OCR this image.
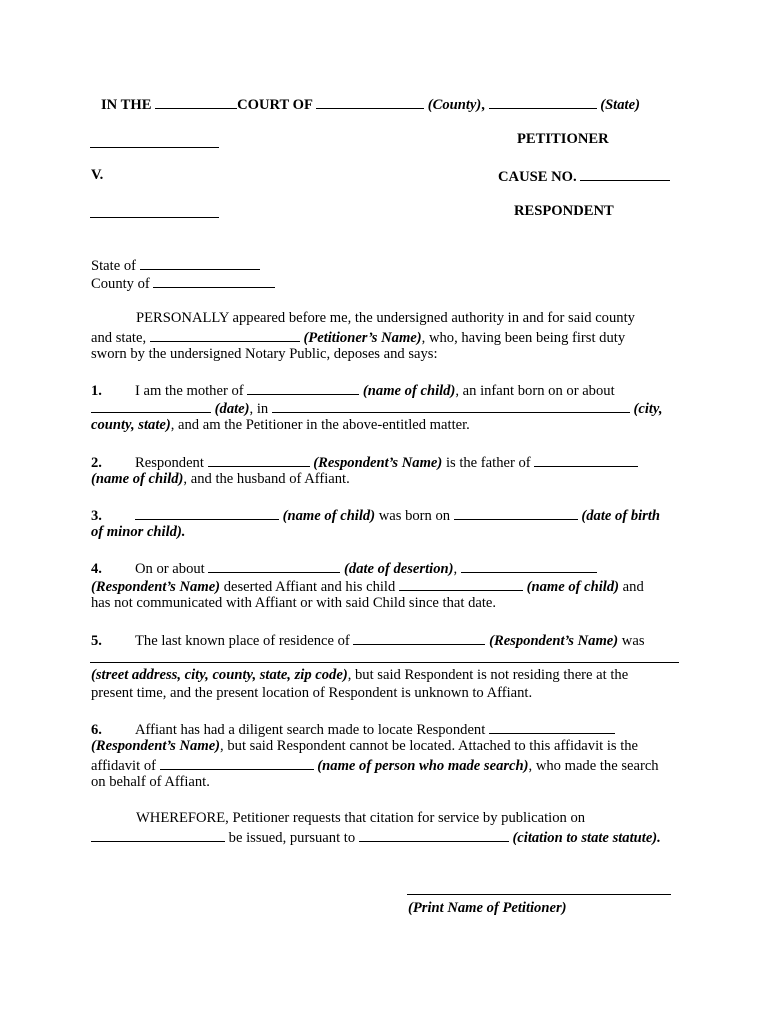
IN THE	COURT OF	(County),	(State)

PETITIONER

V.	CAUSE NO.

RESPONDENT

State of

County of

PERSONALLY appeared before me, the undersigned authority in and for said county

and state,	(Petitioner’s Name), who, having been being first duty

sworn by the undersigned Notary Public, deposes and says:

1. I am the mother of	(name of child), an infant born on or about

(date), in	(city,

county, state), and am the Petitioner in the above-entitled matter.

2. Respondent	(Respondent’s Name) is the father of

(name of child), and the husband of Affiant.

3.	(name of child) was born on	(date of birth

of minor child).

4. On or about	(date of desertion),

(Respondent’s Name) deserted Affiant and his child	(name of child) and

has not communicated with Affiant or with said Child since that date.

5. The last known place of residence of	(Respondent’s Name) was

(street address, city, county, state, zip code), but said Respondent is not residing there at the

present time, and the present location of Respondent is unknown to Affiant.

6. Affiant has had a diligent search made to locate Respondent

(Respondent’s Name), but said Respondent cannot be located. Attached to this affidavit is the

affidavit of	(name of person who made search), who made the search

on behalf of Affiant.

WHEREFORE, Petitioner requests that citation for service by publication on

be issued, pursuant to	(citation to state statute).

(Print Name of Petitioner)
